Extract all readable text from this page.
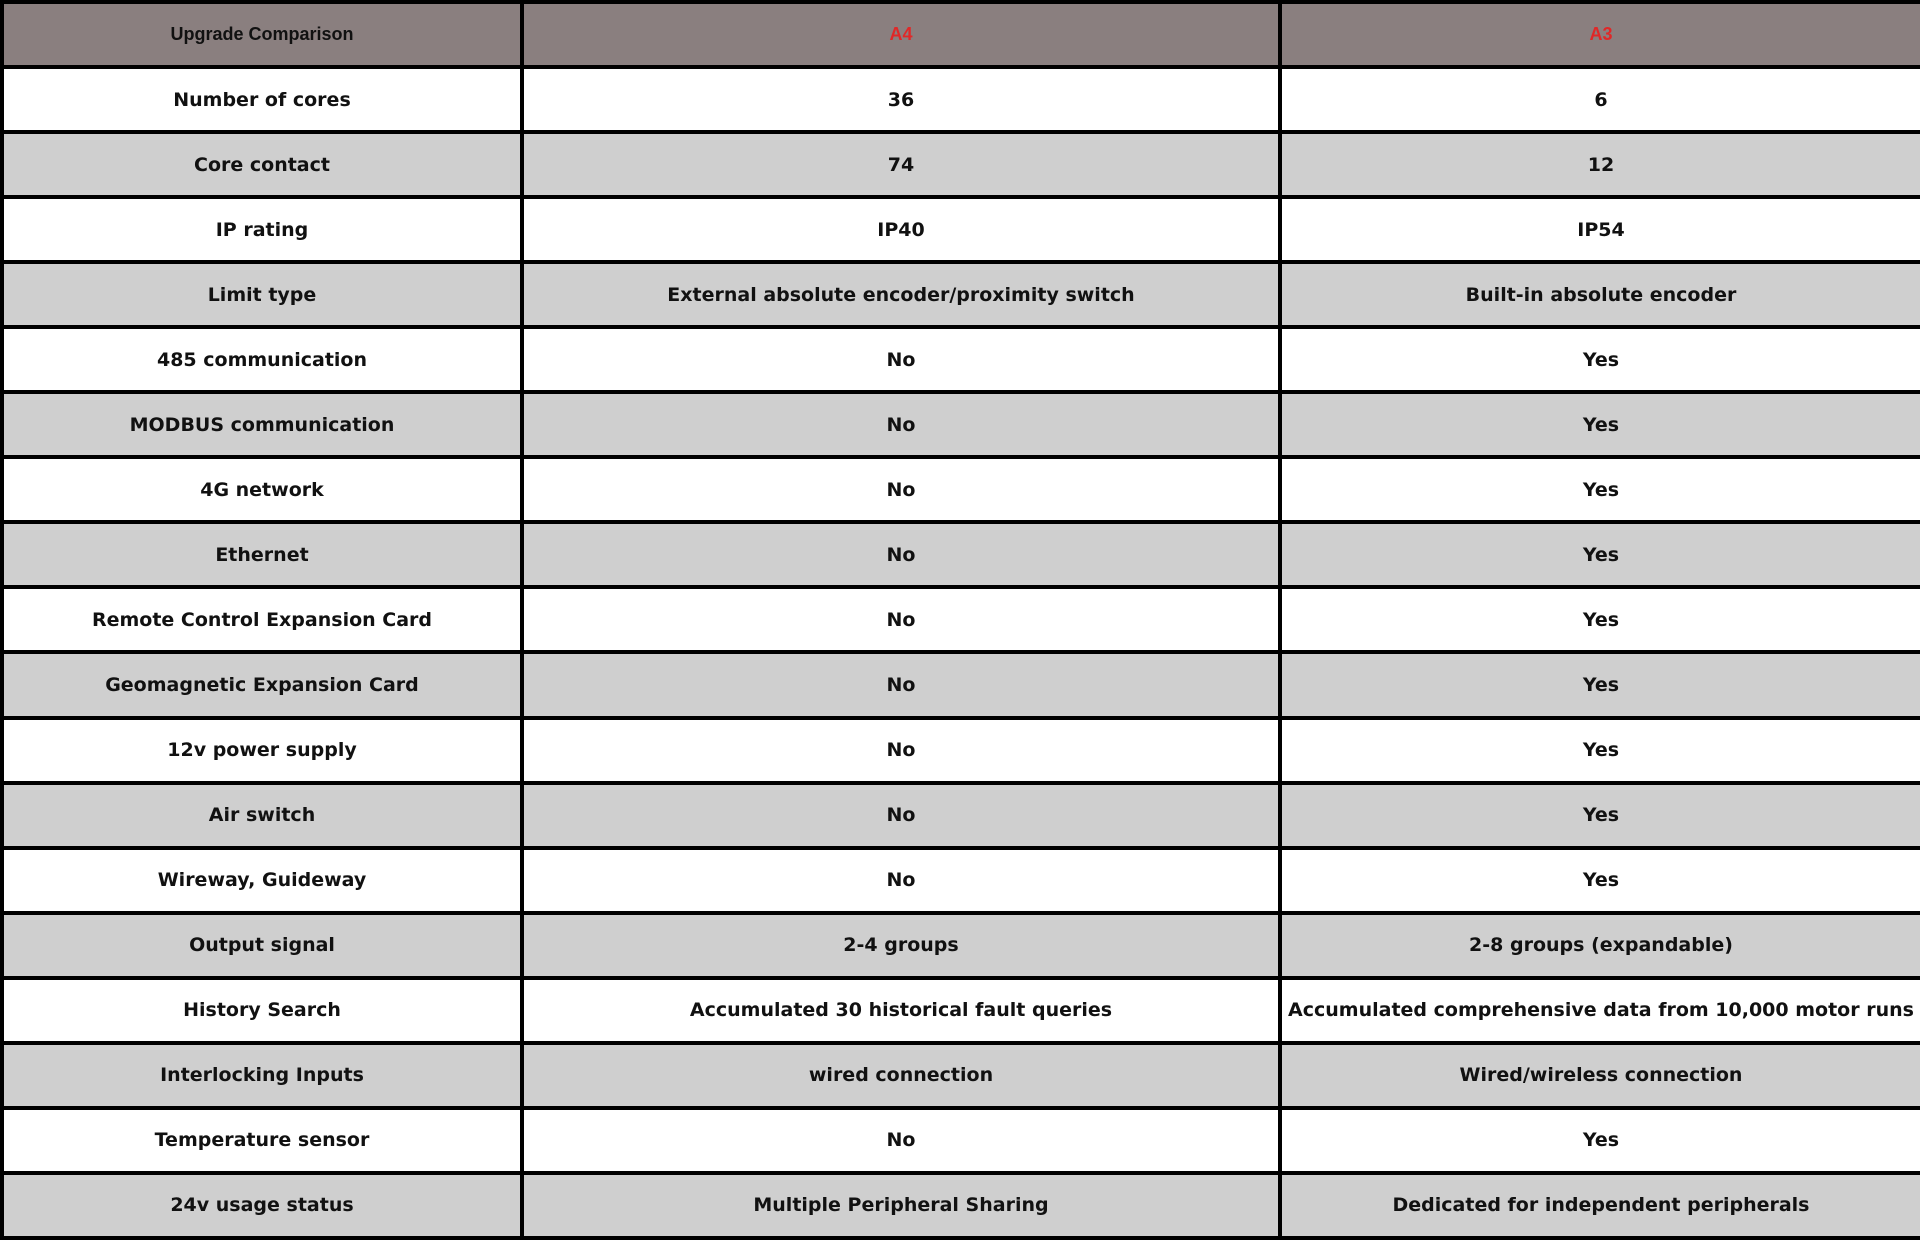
Upgrade Comparison	A4	A3
Number of cores	36	6
Core contact	74	12
IP rating	IP40	IP54
Limit type	External absolute encoder/proximity switch	Built-in absolute encoder
485 communication	No	Yes
MODBUS communication	No	Yes
4G network	No	Yes
Ethernet	No	Yes
Remote Control Expansion Card	No	Yes
Geomagnetic Expansion Card	No	Yes
12v power supply	No	Yes
Air switch	No	Yes
Wireway, Guideway	No	Yes
Output signal	2-4 groups	2-8 groups (expandable)
History Search	Accumulated 30 historical fault queries	Accumulated comprehensive data from 10,000 motor runs
Interlocking Inputs	wired connection	Wired/wireless connection
Temperature sensor	No	Yes
24v usage status	Multiple Peripheral Sharing	Dedicated for independent peripherals
